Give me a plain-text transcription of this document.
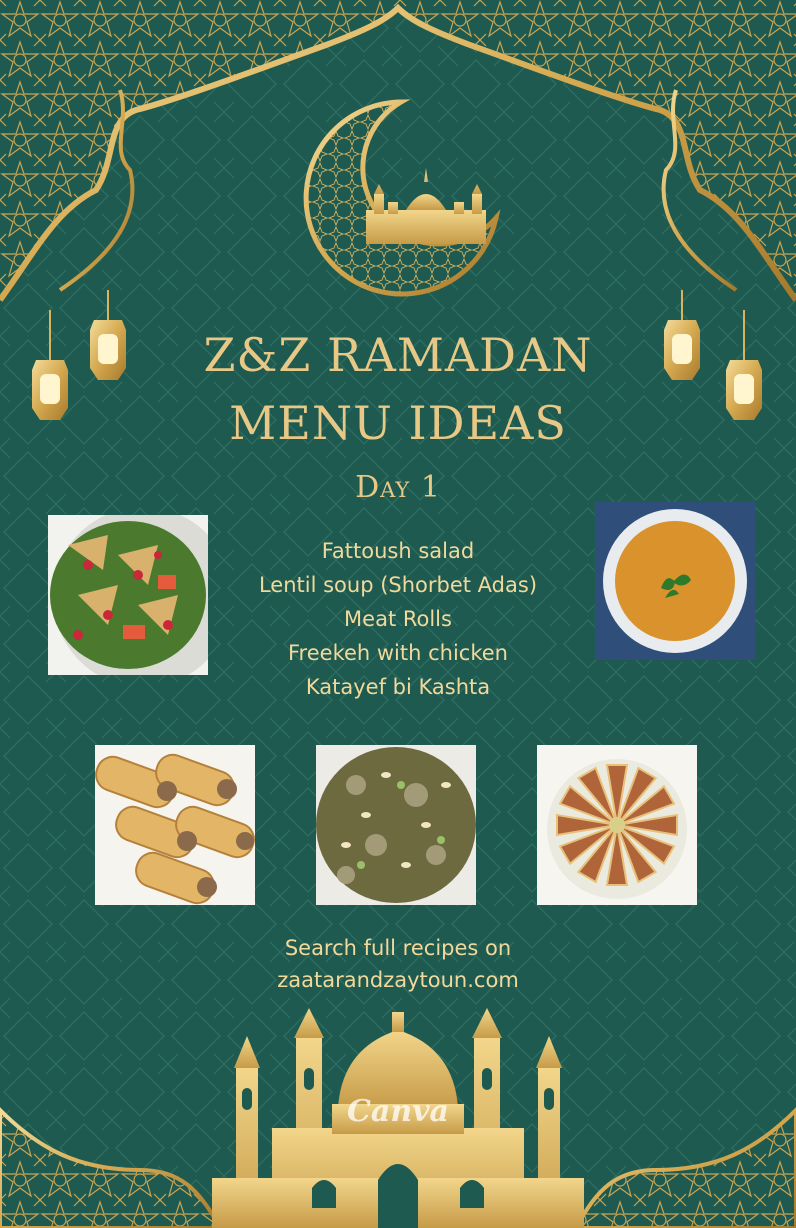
Z&Z RAMADAN
MENU IDEAS
Day 1
Fattoush salad
Lentil soup (Shorbet Adas)
Meat Rolls
Freekeh with chicken
Katayef bi Kashta
Search full recipes on
zaatarandzaytoun.com
Canva
